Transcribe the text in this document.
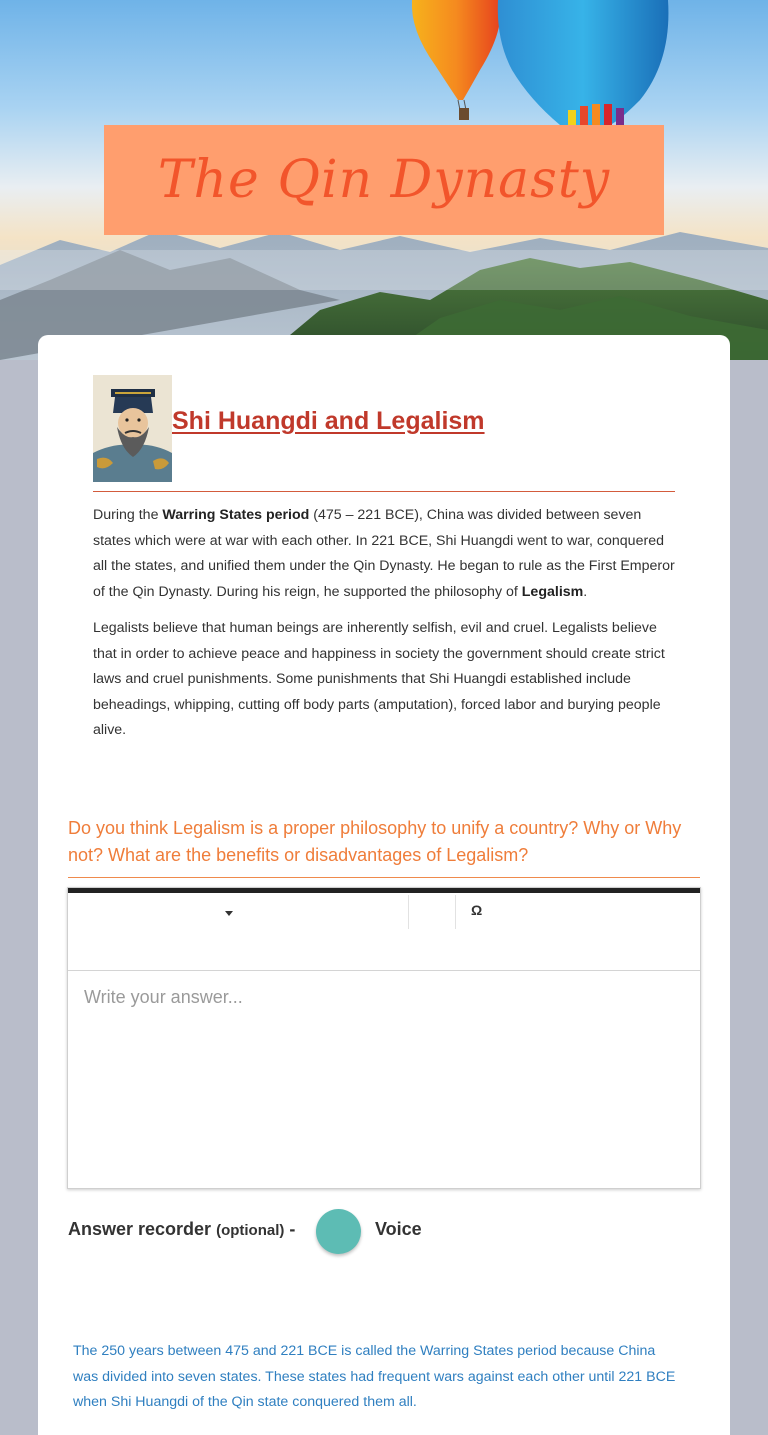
The Qin Dynasty
Shi Huangdi and Legalism

During the Warring States period (475 – 221 BCE), China was divided between seven states which were at war with each other. In 221 BCE, Shi Huangdi went to war, conquered all the states, and unified them under the Qin Dynasty. He began to rule as the First Emperor of the Qin Dynasty. During his reign, he supported the philosophy of Legalism.

Legalists believe that human beings are inherently selfish, evil and cruel. Legalists believe that in order to achieve peace and happiness in society the government should create strict laws and cruel punishments. Some punishments that Shi Huangdi established include beheadings, whipping, cutting off body parts (amputation), forced labor and burying people alive.

Do you think Legalism is a proper philosophy to unify a country? Why or Why not? What are the benefits or disadvantages of Legalism?

Ω
Write your answer...
Answer recorder (optional) -	Voice

The 250 years between 475 and 221 BCE is called the Warring States period because China was divided into seven states. These states had frequent wars against each other until 221 BCE when Shi Huangdi of the Qin state conquered them all.
